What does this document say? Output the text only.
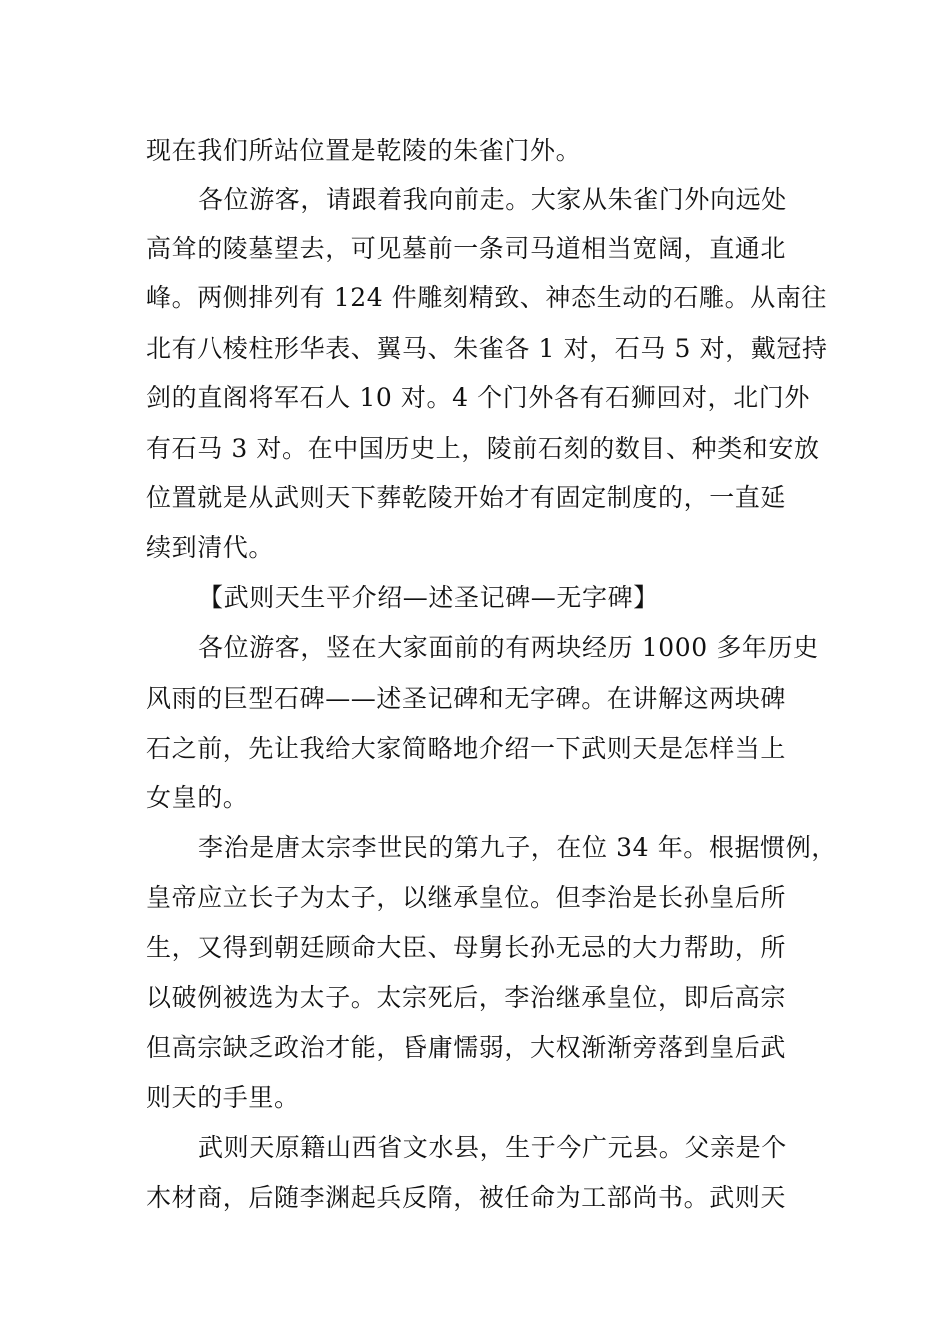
现在我们所站位置是乾陵的朱雀门外。
各位游客，请跟着我向前走。大家从朱雀门外向远处
高耸的陵墓望去，可见墓前一条司马道相当宽阔，直通北
峰。两侧排列有 124 件雕刻精致、神态生动的石雕。从南往
北有八棱柱形华表、翼马、朱雀各 1 对，石马 5 对，戴冠持
剑的直阁将军石人 10 对。4 个门外各有石狮回对，北门外
有石马 3 对。在中国历史上，陵前石刻的数目、种类和安放
位置就是从武则天下葬乾陵开始才有固定制度的，一直延
续到清代。
【武则天生平介绍—述圣记碑—无字碑】
各位游客，竖在大家面前的有两块经历 1000 多年历史
风雨的巨型石碑——述圣记碑和无字碑。在讲解这两块碑
石之前，先让我给大家简略地介绍一下武则天是怎样当上
女皇的。
李治是唐太宗李世民的第九子，在位 34 年。根据惯例，
皇帝应立长子为太子，以继承皇位。但李治是长孙皇后所
生，又得到朝廷顾命大臣、母舅长孙无忌的大力帮助，所
以破例被选为太子。太宗死后，李治继承皇位，即后高宗
但高宗缺乏政治才能，昏庸懦弱，大权渐渐旁落到皇后武
则天的手里。
武则天原籍山西省文水县，生于今广元县。父亲是个
木材商，后随李渊起兵反隋，被任命为工部尚书。武则天
